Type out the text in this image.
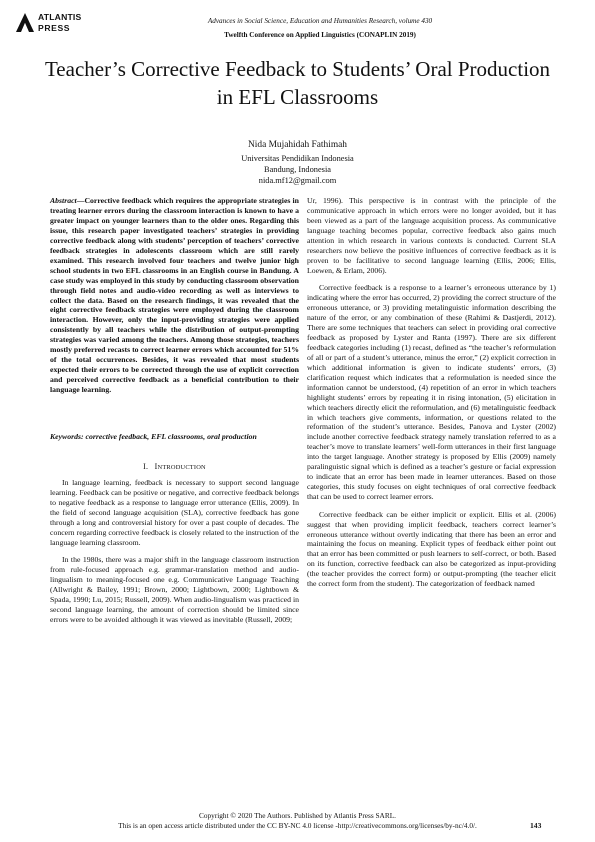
ATLANTIS
PRESS
Advances in Social Science, Education and Humanities Research, volume 430
Twelfth Conference on Applied Linguistics (CONAPLIN 2019)
Teacher’s Corrective Feedback to Students’ Oral Production in EFL Classrooms
Nida Mujahidah Fathimah
Universitas Pendidikan Indonesia
Bandung, Indonesia
nida.mf12@gmail.com

Abstract—Corrective feedback which requires the appropriate strategies in treating learner errors during the classroom interaction is known to have a greater impact on younger learners than to the older ones. Regarding this issue, this research paper investigated teachers’ strategies in providing corrective feedback along with students’ perception of teachers’ corrective feedback strategies in adolescents classroom which are still rarely examined. This research involved four teachers and twelve junior high school students in two EFL classrooms in an English course in Bandung. A case study was employed in this study by conducting classroom observation through field notes and audio-video recording as well as interviews to collect the data. Based on the research findings, it was revealed that the eight corrective feedback strategies were employed during the classroom interaction. However, only the input-providing strategies were applied consistently by all teachers while the distribution of output-prompting strategies was varied among the teachers. Among those strategies, teachers mostly preferred recasts to correct learner errors which accounted for 51% of the total occurrences. Besides, it was revealed that most students expected their errors to be corrected through the use of explicit correction and perceived corrective feedback as a beneficial contribution to their language learning.

Keywords: corrective feedback, EFL classrooms, oral production

I. INTRODUCTION

In language learning, feedback is necessary to support second language learning. Feedback can be positive or negative, and corrective feedback belongs to negative feedback as a response to language error utterance (Ellis, 2009). In the field of second language acquisition (SLA), corrective feedback has gone through a long and controversial history for over a past couple of decades. The concern regarding corrective feedback is closely related to the instruction of the language learning classroom.

In the 1980s, there was a major shift in the language classroom instruction from rule-focused approach e.g. grammar-translation method and audio-lingualism to meaning-focused one e.g. Communicative Language Teaching (Allwright & Bailey, 1991; Brown, 2000; Lightbown, 2000; Lightbown & Spada, 1990; Lu, 2015; Russell, 2009). When audio-lingualism was practiced in second language learning, the amount of correction should be limited since errors were to be avoided although it was viewed as inevitable (Russell, 2009;

Ur, 1996). This perspective is in contrast with the principle of the communicative approach in which errors were no longer avoided, but it has been viewed as a part of the language acquisition process. As communicative language teaching becomes popular, corrective feedback also gains much attention in which research in various contexts is conducted. Current SLA researchers now believe the positive influences of corrective feedback as it is proven to be facilitative to second language learning (Ellis, 2006; Ellis, Loewen, & Erlam, 2006).

Corrective feedback is a response to a learner’s erroneous utterance by 1) indicating where the error has occurred, 2) providing the correct structure of the erroneous utterance, or 3) providing metalinguistic information describing the nature of the error, or any combination of these (Rahimi & Dastjerdi, 2012). There are some techniques that teachers can select in providing oral corrective feedback as proposed by Lyster and Ranta (1997). There are six different feedback categories including (1) recast, defined as “the teacher’s reformulation of all or part of a student’s utterance, minus the error,” (2) explicit correction in which additional information is given to indicate students’ errors, (3) clarification request which indicates that a reformulation is needed since the information cannot be understood, (4) repetition of an error in which teachers highlight students’ errors by repeating it in rising intonation, (5) elicitation in which teachers directly elicit the reformulation, and (6) metalinguistic feedback in which teachers give comments, information, or questions related to the reformation of the student’s utterance. Besides, Panova and Lyster (2002) include another corrective feedback strategy namely translation referred to as a teacher’s move to translate learners’ well-form utterances in their first language into the target language. Another strategy is proposed by Ellis (2009) namely paralinguistic signal which is defined as a teacher’s gesture or facial expression to indicate that an error has been made in learner utterances. Based on those categories, this study focuses on eight techniques of oral corrective feedback that can be used to correct learner errors.

Corrective feedback can be either implicit or explicit. Ellis et al. (2006) suggest that when providing implicit feedback, teachers correct learner’s erroneous utterance without overtly indicating that there has been an error and maintaining the focus on meaning. Explicit types of feedback either point out that an error has been committed or push learners to self-correct, or both. Based on its function, corrective feedback can also be categorized as input-providing (the teacher provides the correct form) or output-prompting (the teacher elicit the correct form from the student). The categorization of feedback named

Copyright © 2020 The Authors. Published by Atlantis Press SARL.
This is an open access article distributed under the CC BY-NC 4.0 license -http://creativecommons.org/licenses/by-nc/4.0/.	143
